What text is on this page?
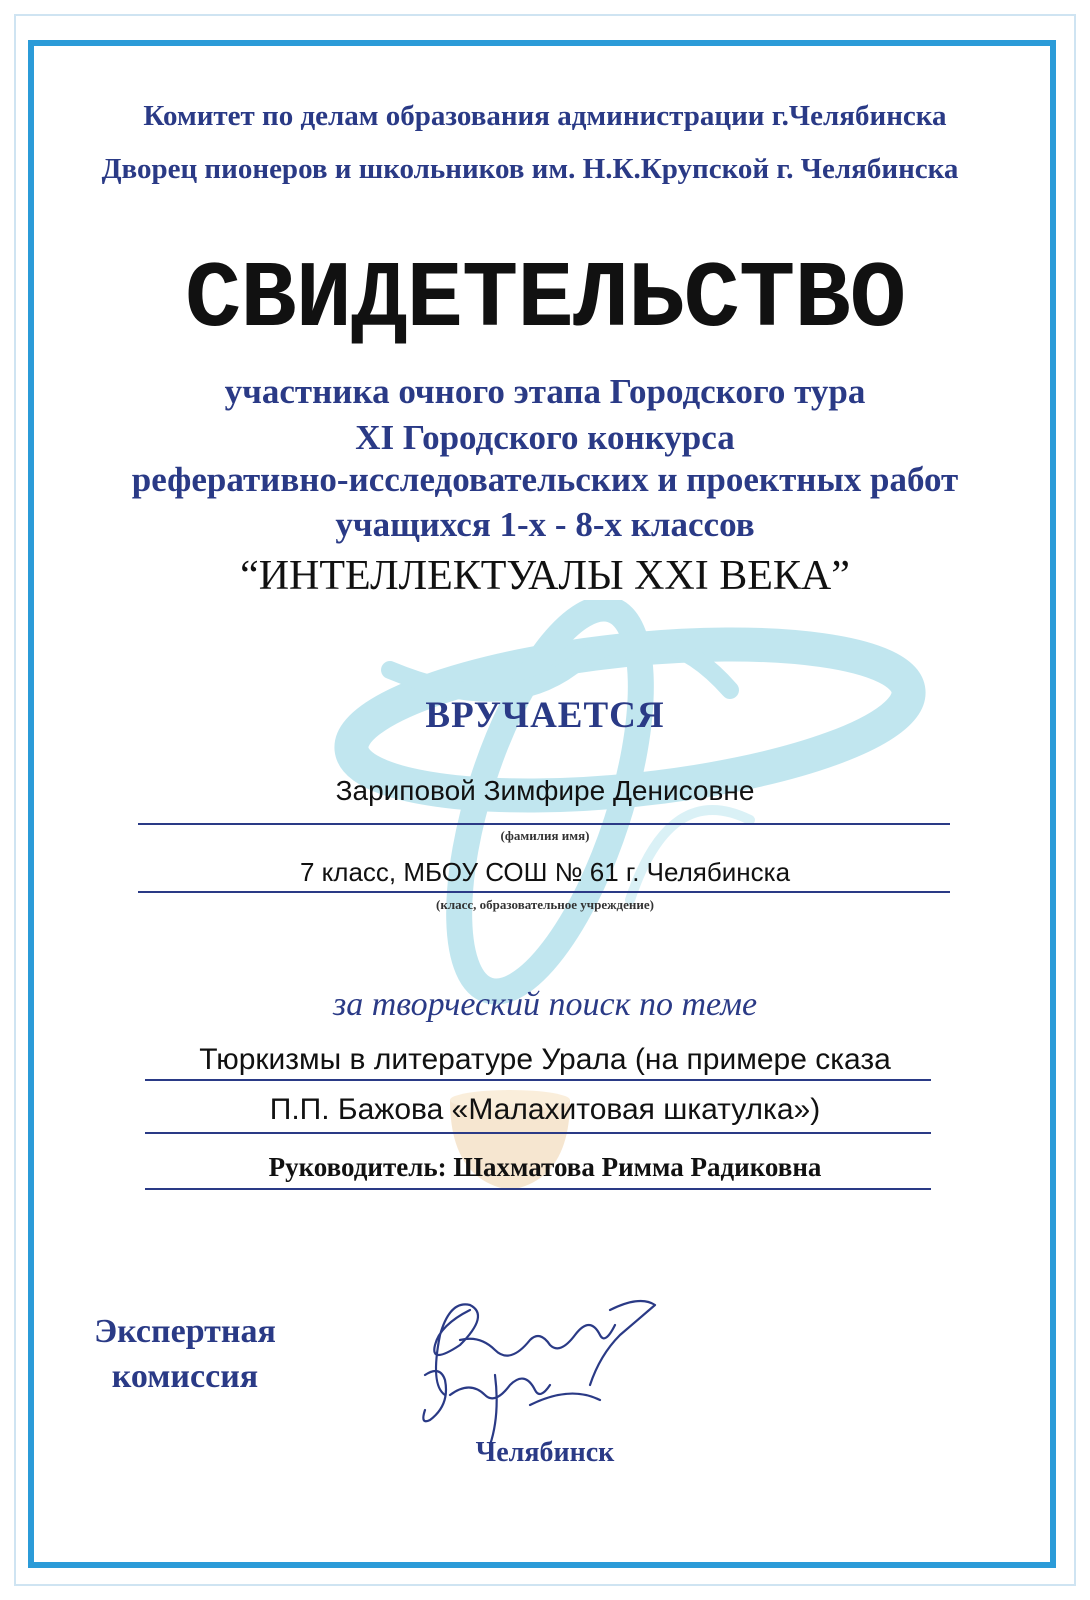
Комитет по делам образования администрации г.Челябинска
Дворец пионеров и школьников им. Н.К.Крупской г. Челябинска
СВИДЕТЕЛЬСТВО
участника очного этапа Городского тура
XI Городского конкурса
реферативно-исследовательских и проектных работ
учащихся 1-х - 8-х классов
“ИНТЕЛЛЕКТУАЛЫ XXI ВЕКА”
ВРУЧАЕТСЯ
Зариповой Зимфире Денисовне
(фамилия имя)
7 класс, МБОУ СОШ № 61 г. Челябинска
(класс, образовательное учреждение)
за творческий поиск по теме
Тюркизмы в литературе Урала (на примере сказа
П.П. Бажова «Малахитовая шкатулка»)
Руководитель: Шахматова Римма Радиковна
Экспертная
комиссия
Челябинск
